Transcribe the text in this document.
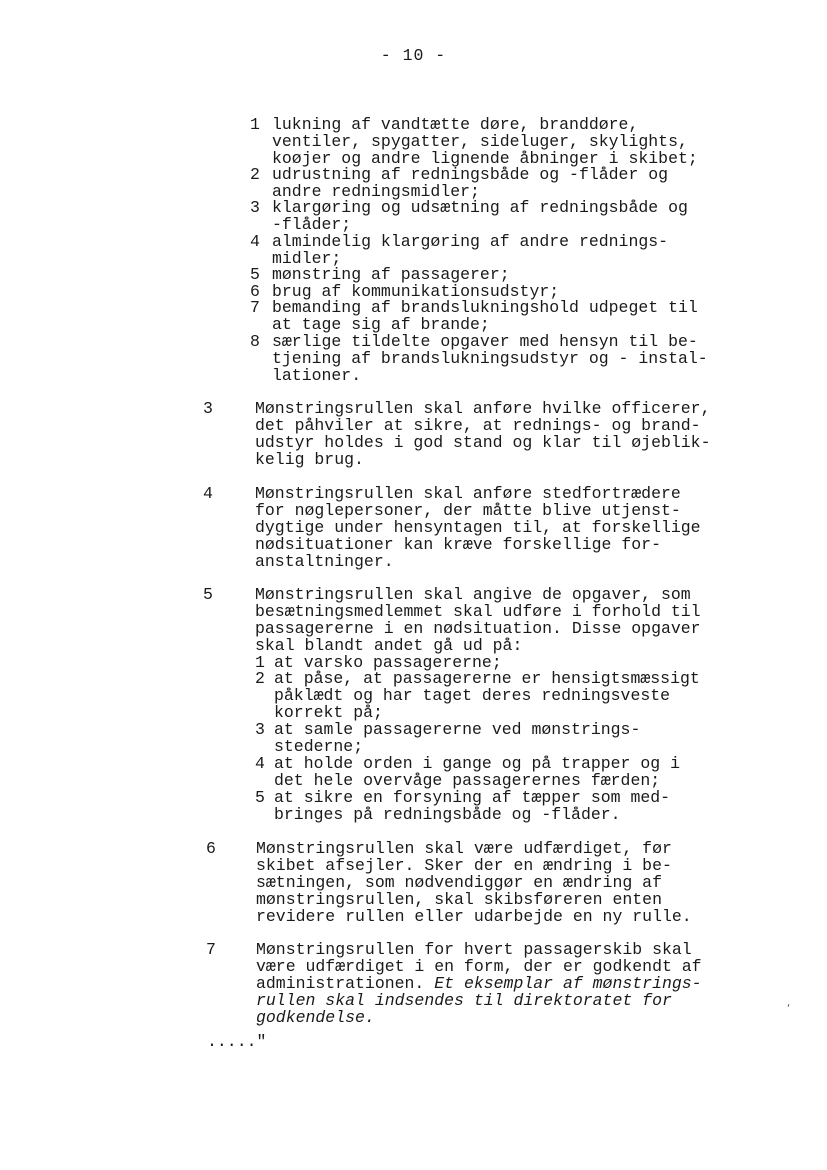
- 10 -
1 lukning af vandtætte døre, branddøre,
ventiler, spygatter, sideluger, skylights,
koøjer og andre lignende åbninger i skibet;
2 udrustning af redningsbåde og -flåder og
andre redningsmidler;
3 klargøring og udsætning af redningsbåde og
-flåder;
4 almindelig klargøring af andre rednings-
midler;
5 mønstring af passagerer;
6 brug af kommunikationsudstyr;
7 bemanding af brandslukningshold udpeget til
at tage sig af brande;
8 særlige tildelte opgaver med hensyn til be-
tjening af brandslukningsudstyr og - instal-
lationer.
3	Mønstringsrullen skal anføre hvilke officerer,
det påhviler at sikre, at rednings- og brand-
udstyr holdes i god stand og klar til øjeblik-
kelig brug.
4	Mønstringsrullen skal anføre stedfortrædere
for nøglepersoner, der måtte blive utjenst-
dygtige under hensyntagen til, at forskellige
nødsituationer kan kræve forskellige for-
anstaltninger.
5	Mønstringsrullen skal angive de opgaver, som
besætningsmedlemmet skal udføre i forhold til
passagererne i en nødsituation. Disse opgaver
skal blandt andet gå ud på:
1 at varsko passagererne;
2 at påse, at passagererne er hensigtsmæssigt
påklædt og har taget deres redningsveste
korrekt på;
3 at samle passagererne ved mønstrings-
stederne;
4 at holde orden i gange og på trapper og i
det hele overvåge passagerernes færden;
5 at sikre en forsyning af tæpper som med-
bringes på redningsbåde og -flåder.
6 Mønstringsrullen skal være udfærdiget, før
skibet afsejler. Sker der en ændring i be-
sætningen, som nødvendiggør en ændring af
mønstringsrullen, skal skibsføreren enten
revidere rullen eller udarbejde en ny rulle.
7 Mønstringsrullen for hvert passagerskib skal
være udfærdiget i en form, der er godkendt af
administrationen. Et eksemplar af mønstrings-
rullen skal indsendes til direktoratet for
godkendelse.
....."
‘
